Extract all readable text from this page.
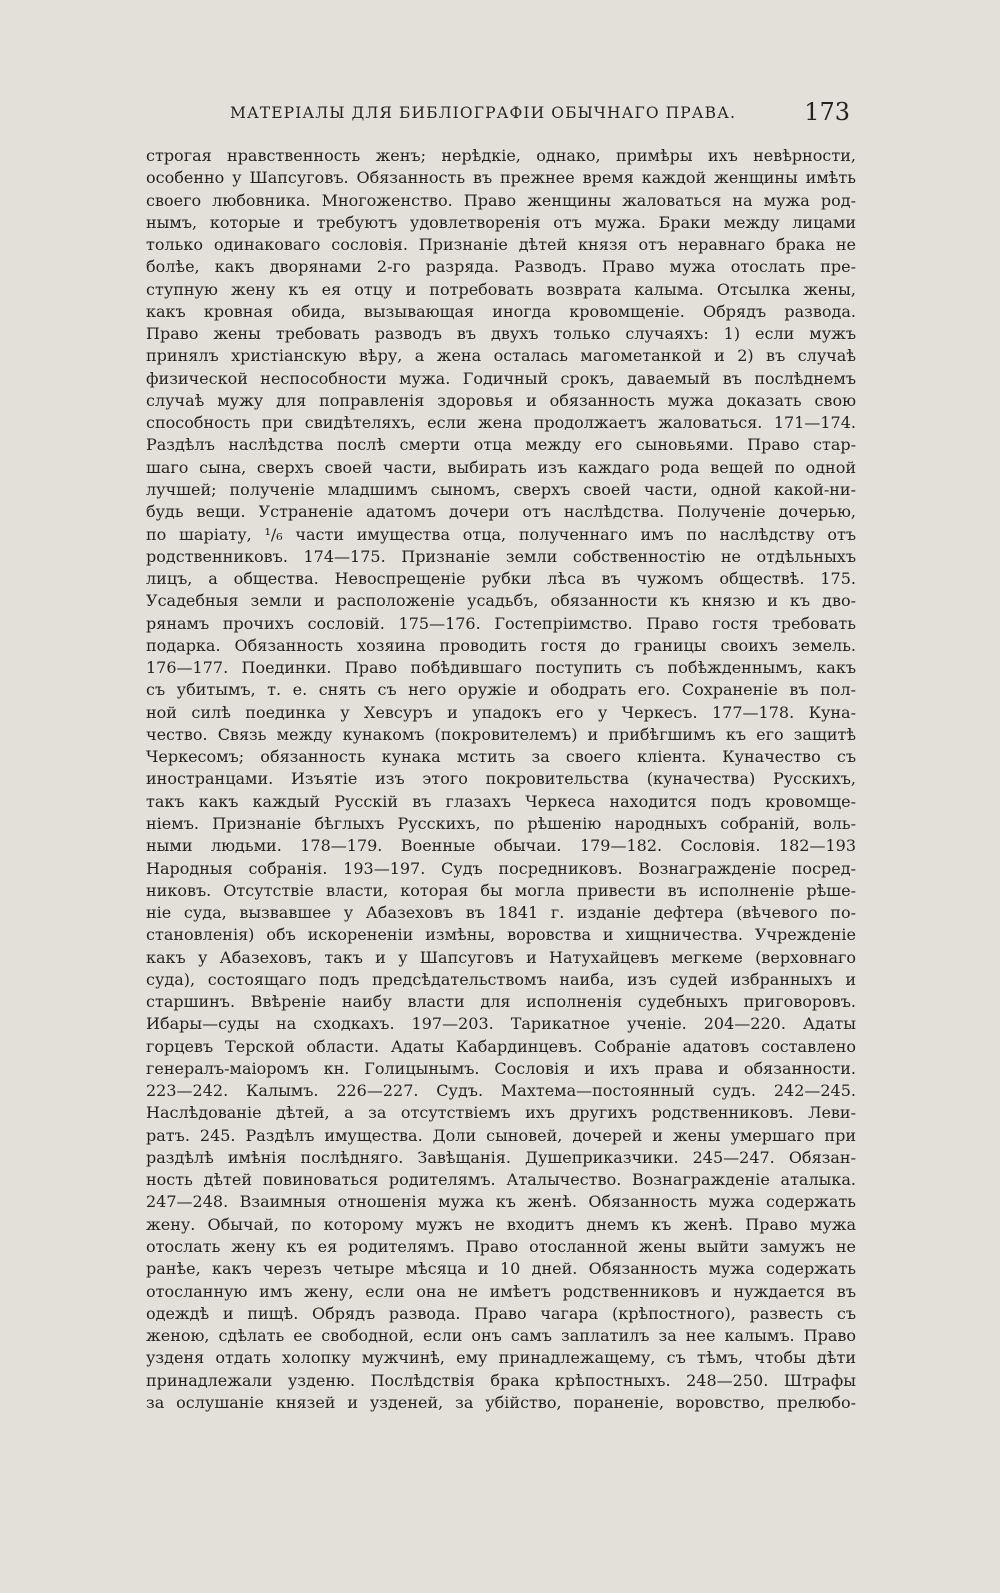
МАТЕРІАЛЫ ДЛЯ БИБЛІОГРАФІИ ОБЫЧНАГО ПРАВА.	173
строгая нравственность женъ; нерѣдкіе, однако, примѣры ихъ невѣрности,
особенно у Шапсуговъ. Обязанность въ прежнее время каждой женщины имѣть
своего любовника. Многоженство. Право женщины жаловаться на мужа род-
нымъ, которые и требуютъ удовлетворенія отъ мужа. Браки между лицами
только одинаковаго сословія. Признаніе дѣтей князя отъ неравнаго брака не
болѣе, какъ дворянами 2-го разряда. Разводъ. Право мужа отослать пре-
ступную жену къ ея отцу и потребовать возврата калыма. Отсылка жены,
какъ кровная обида, вызывающая иногда кровомщеніе. Обрядъ развода.
Право жены требовать разводъ въ двухъ только случаяхъ: 1) если мужъ
принялъ христіанскую вѣру, а жена осталась магометанкой и 2) въ случаѣ
физической неспособности мужа. Годичный срокъ, даваемый въ послѣднемъ
случаѣ мужу для поправленія здоровья и обязанность мужа доказать свою
способность при свидѣтеляхъ, если жена продолжаетъ жаловаться. 171—174.
Раздѣлъ наслѣдства послѣ смерти отца между его сыновьями. Право стар-
шаго сына, сверхъ своей части, выбирать изъ каждаго рода вещей по одной
лучшей; полученіе младшимъ сыномъ, сверхъ своей части, одной какой-ни-
будь вещи. Устраненіе адатомъ дочери отъ наслѣдства. Полученіе дочерью,
по шаріату, ¹/₆ части имущества отца, полученнаго имъ по наслѣдству отъ
родственниковъ. 174—175. Признаніе земли собственностію не отдѣльныхъ
лицъ, а общества. Невоспрещеніе рубки лѣса въ чужомъ обществѣ. 175.
Усадебныя земли и расположеніе усадьбъ, обязанности къ князю и къ дво-
рянамъ прочихъ сословій. 175—176. Гостепріимство. Право гостя требовать
подарка. Обязанность хозяина проводить гостя до границы своихъ земель.
176—177. Поединки. Право побѣдившаго поступить съ побѣжденнымъ, какъ
съ убитымъ, т. е. снять съ него оружіе и ободрать его. Сохраненіе въ пол-
ной силѣ поединка у Хевсуръ и упадокъ его у Черкесъ. 177—178. Куна-
чество. Связь между кунакомъ (покровителемъ) и прибѣгшимъ къ его защитѣ
Черкесомъ; обязанность кунака мстить за своего кліента. Куначество съ
иностранцами. Изъятіе изъ этого покровительства (куначества) Русскихъ,
такъ какъ каждый Русскій въ глазахъ Черкеса находится подъ кровомще-
ніемъ. Признаніе бѣглыхъ Русскихъ, по рѣшенію народныхъ собраній, воль-
ными людьми. 178—179. Военные обычаи. 179—182. Сословія. 182—193
Народныя собранія. 193—197. Судъ посредниковъ. Вознагражденіе посред-
никовъ. Отсутствіе власти, которая бы могла привести въ исполненіе рѣше-
ніе суда, вызвавшее у Абазеховъ въ 1841 г. изданіе дефтера (вѣчевого по-
становленія) объ искорененіи измѣны, воровства и хищничества. Учрежденіе
какъ у Абазеховъ, такъ и у Шапсуговъ и Натухайцевъ мегкеме (верховнаго
суда), состоящаго подъ предсѣдательствомъ наиба, изъ судей избранныхъ и
старшинъ. Ввѣреніе наибу власти для исполненія судебныхъ приговоровъ.
Ибары—суды на сходкахъ. 197—203. Тарикатное ученіе. 204—220. Адаты
горцевъ Терской области. Адаты Кабардинцевъ. Собраніе адатовъ составлено
генералъ-маіоромъ кн. Голицынымъ. Сословія и ихъ права и обязанности.
223—242. Калымъ. 226—227. Судъ. Махтема—постоянный судъ. 242—245.
Наслѣдованіе дѣтей, а за отсутствіемъ ихъ другихъ родственниковъ. Леви-
ратъ. 245. Раздѣлъ имущества. Доли сыновей, дочерей и жены умершаго при
раздѣлѣ имѣнія послѣдняго. Завѣщанія. Душеприказчики. 245—247. Обязан-
ность дѣтей повиноваться родителямъ. Аталычество. Вознагражденіе аталыка.
247—248. Взаимныя отношенія мужа къ женѣ. Обязанность мужа содержать
жену. Обычай, по которому мужъ не входитъ днемъ къ женѣ. Право мужа
отослать жену къ ея родителямъ. Право отосланной жены выйти замужъ не
ранѣе, какъ черезъ четыре мѣсяца и 10 дней. Обязанность мужа содержать
отосланную имъ жену, если она не имѣетъ родственниковъ и нуждается въ
одеждѣ и пищѣ. Обрядъ развода. Право чагара (крѣпостного), развесть съ
женою, сдѣлать ее свободной, если онъ самъ заплатилъ за нее калымъ. Право
узденя отдать холопку мужчинѣ, ему принадлежащему, съ тѣмъ, чтобы дѣти
принадлежали узденю. Послѣдствія брака крѣпостныхъ. 248—250. Штрафы
за ослушаніе князей и узденей, за убійство, пораненіе, воровство, прелюбо-
